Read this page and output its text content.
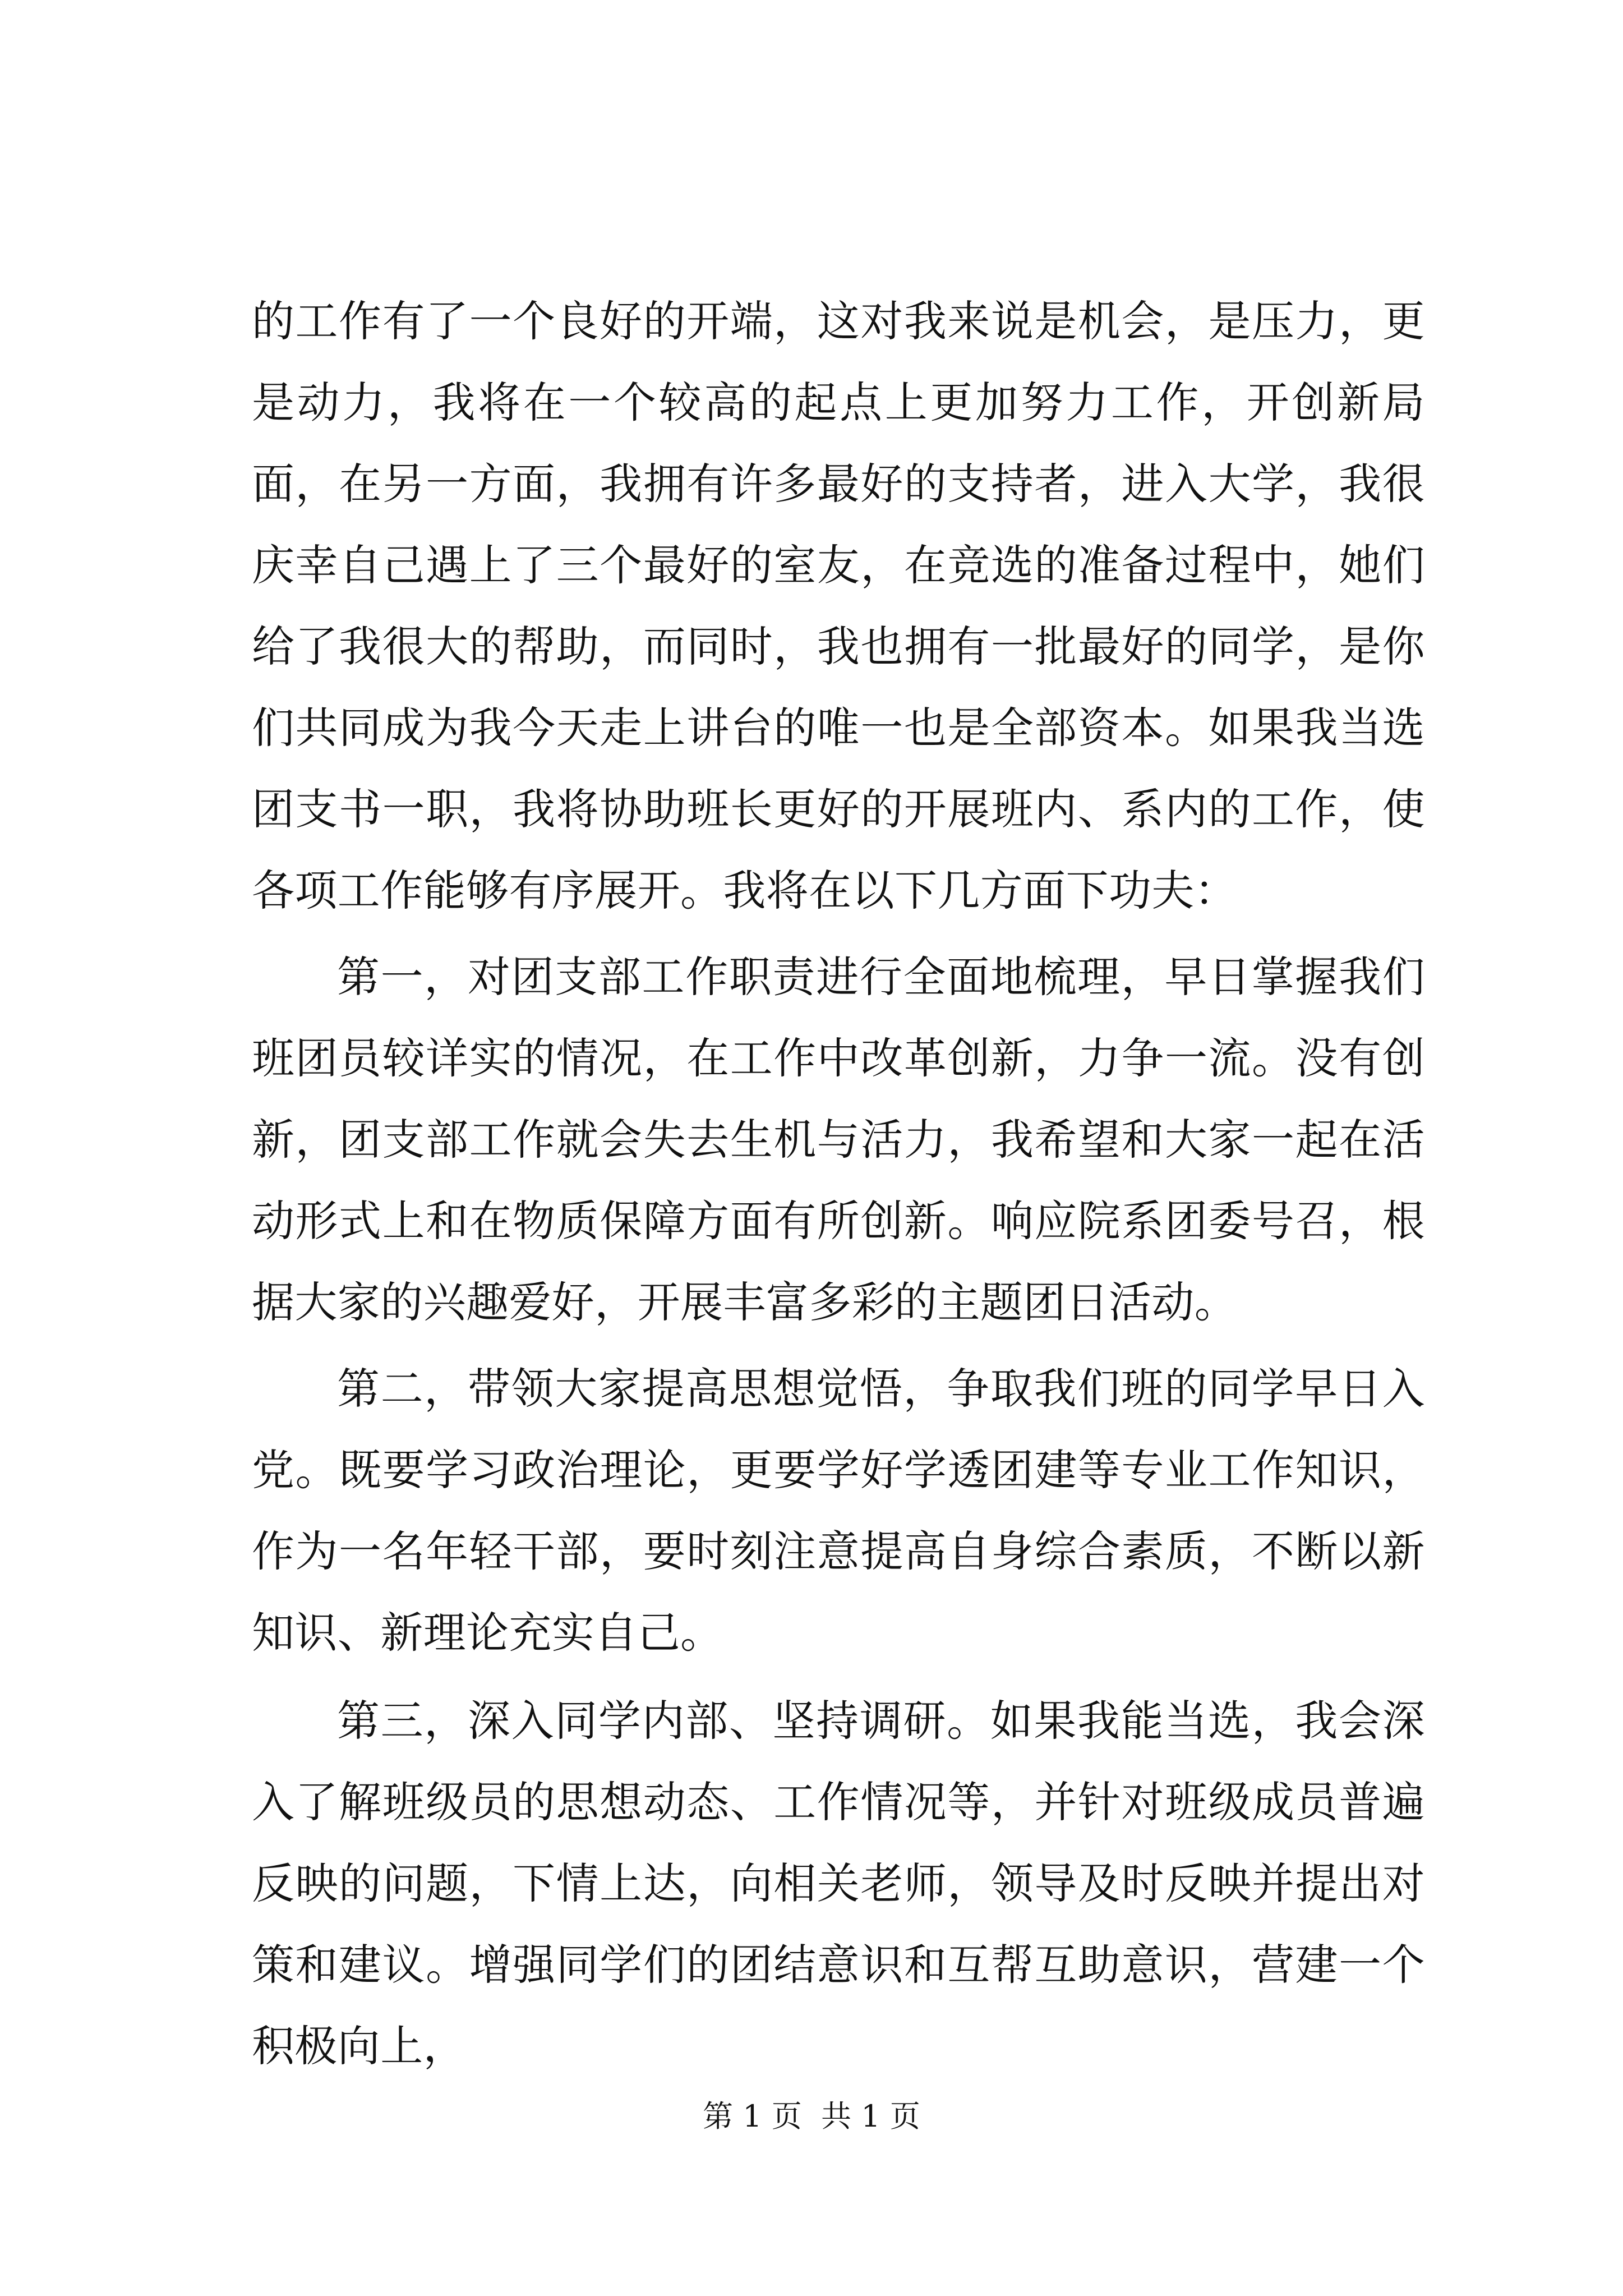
的工作有了一个良好的开端，这对我来说是机会，是压力，更是动力，我将在一个较高的起点上更加努力工作，开创新局面，在另一方面，我拥有许多最好的支持者，进入大学，我很庆幸自己遇上了三个最好的室友，在竞选的准备过程中，她们给了我很大的帮助，而同时，我也拥有一批最好的同学，是你们共同成为我今天走上讲台的唯一也是全部资本。如果我当选团支书一职，我将协助班长更好的开展班内、系内的工作，使各项工作能够有序展开。我将在以下几方面下功夫：

第一，对团支部工作职责进行全面地梳理，早日掌握我们班团员较详实的情况，在工作中改革创新，力争一流。没有创新，团支部工作就会失去生机与活力，我希望和大家一起在活动形式上和在物质保障方面有所创新。响应院系团委号召，根据大家的兴趣爱好，开展丰富多彩的主题团日活动。

第二，带领大家提高思想觉悟，争取我们班的同学早日入党。既要学习政治理论，更要学好学透团建等专业工作知识，作为一名年轻干部，要时刻注意提高自身综合素质，不断以新知识、新理论充实自己。

第三，深入同学内部、坚持调研。如果我能当选，我会深入了解班级员的思想动态、工作情况等，并针对班级成员普遍反映的问题，下情上达，向相关老师，领导及时反映并提出对策和建议。增强同学们的团结意识和互帮互助意识，营建一个积极向上，

第 1 页  共 1 页
